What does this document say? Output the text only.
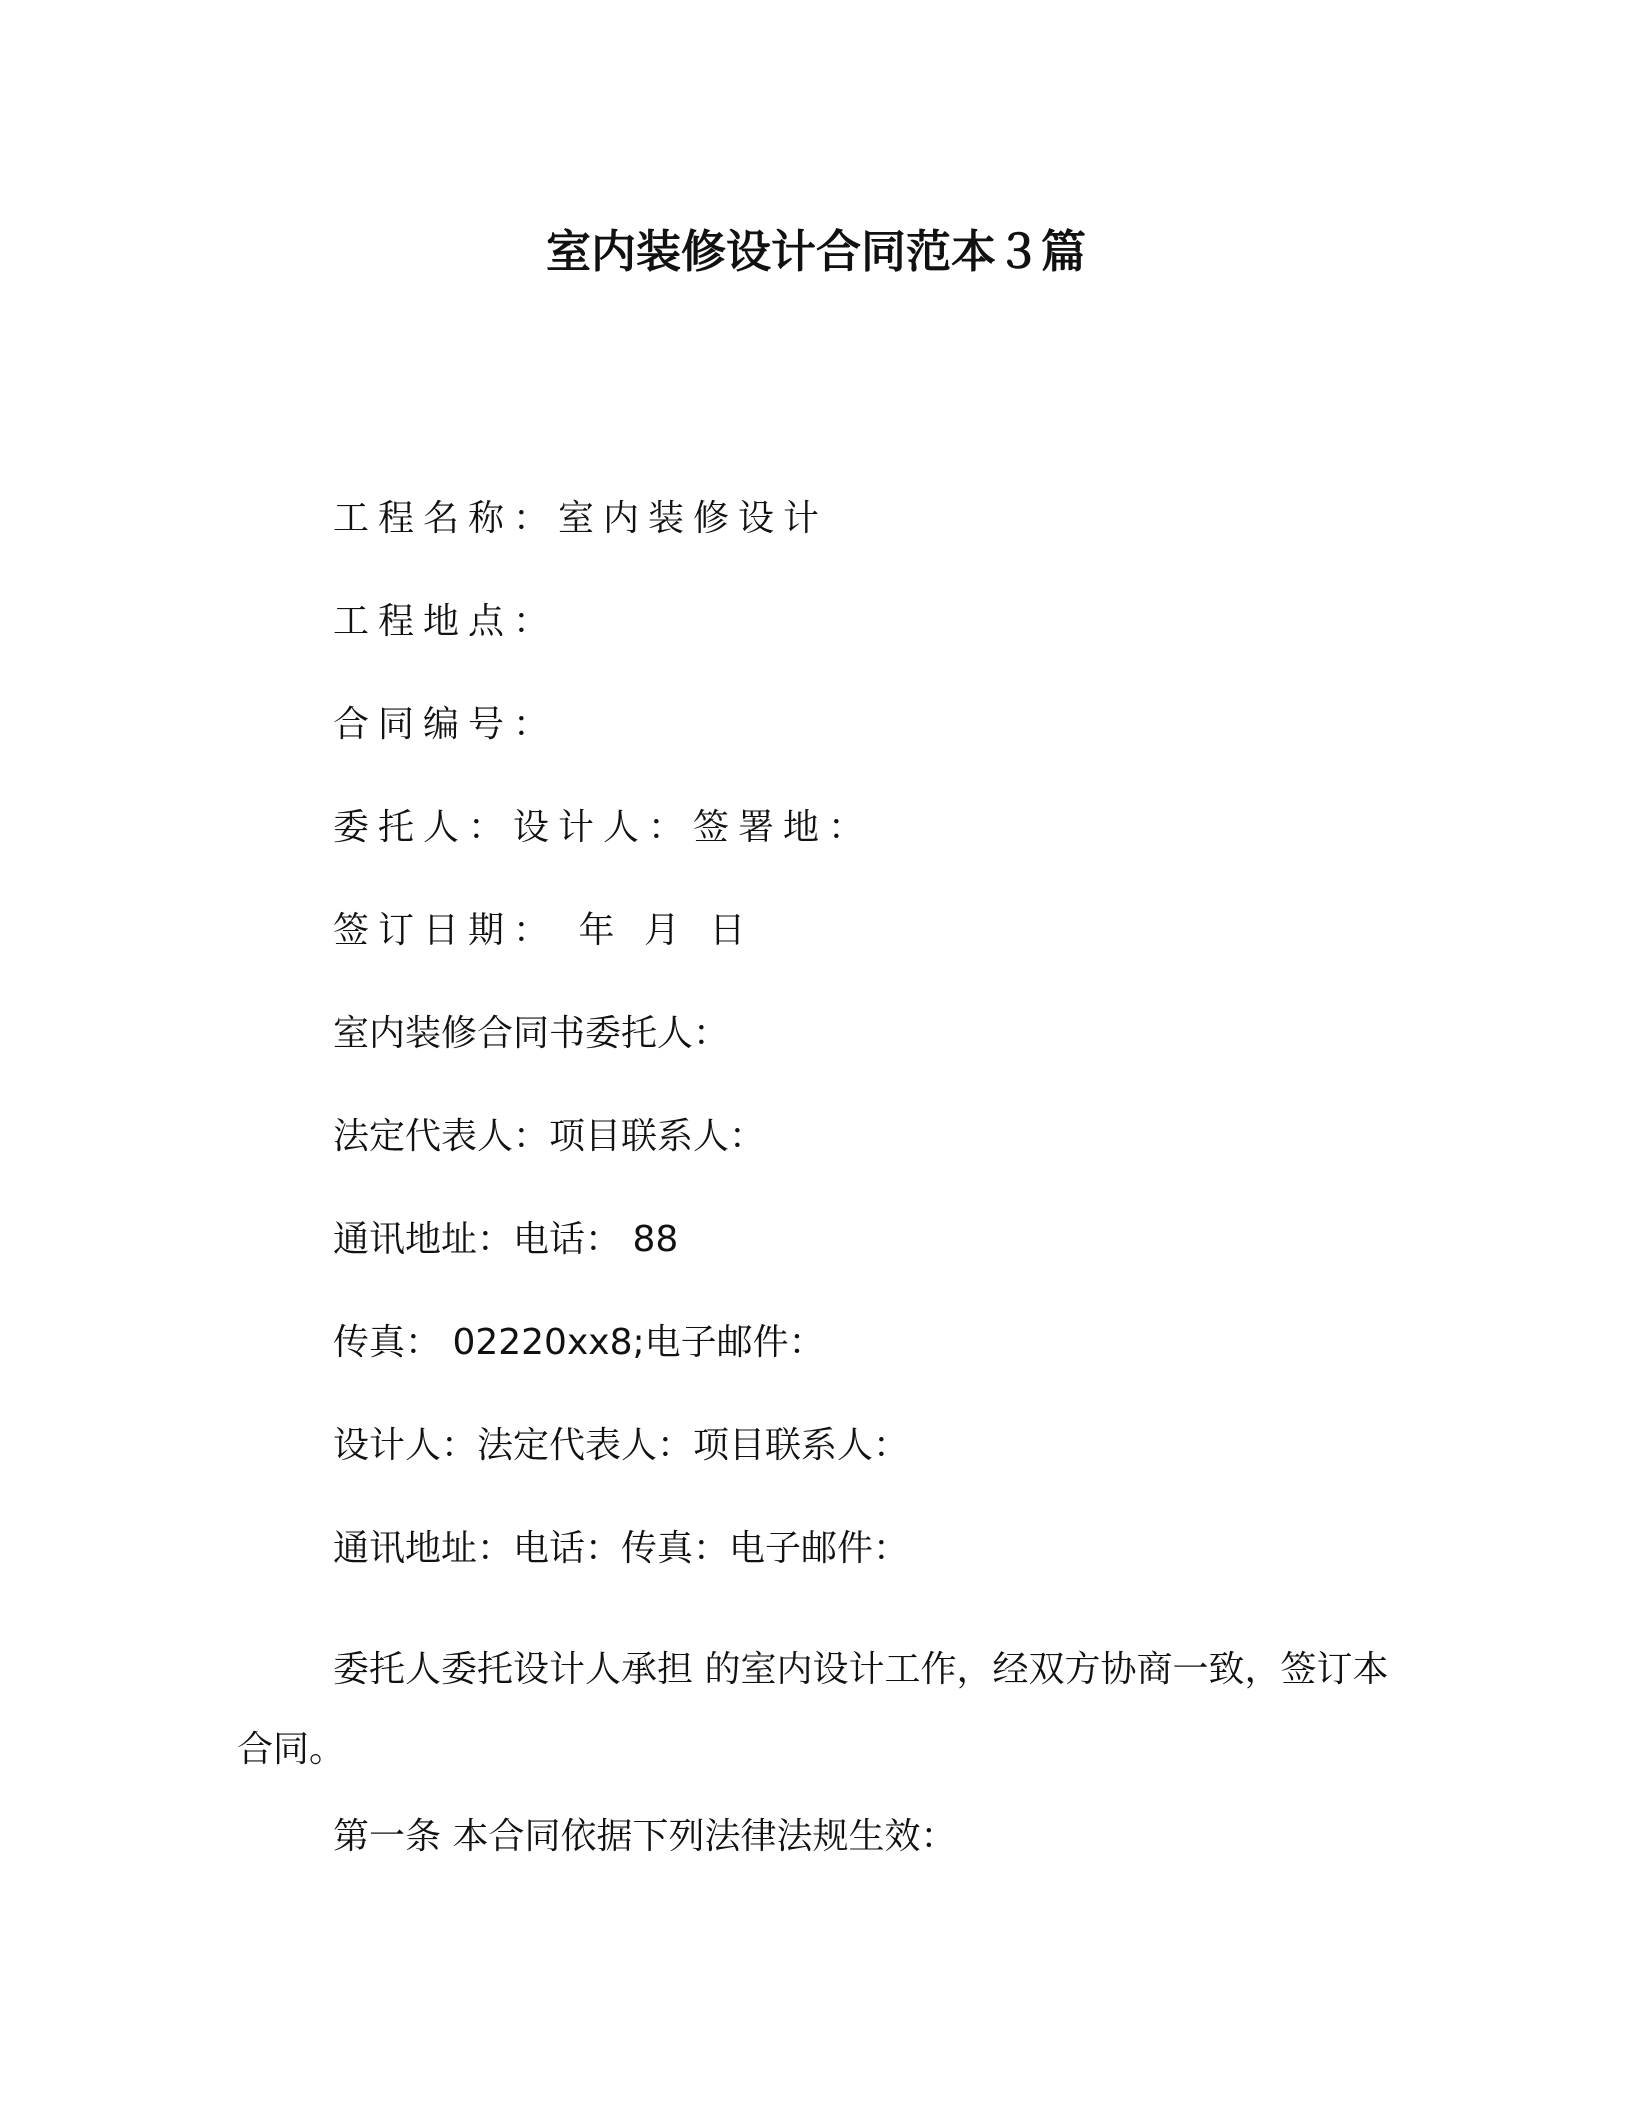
室内装修设计合同范本３篇
工程名称：室内装修设计
工程地点：
合同编号：
委托人：设计人：签署地：
签订日期： 年 月 日
室内装修合同书委托人：
法定代表人：项目联系人：
通讯地址：电话： 88
传真： 02220xx8;电子邮件：
设计人：法定代表人：项目联系人：
通讯地址：电话：传真：电子邮件：

委托人委托设计人承担 的室内设计工作，经双方协商一致，签订本合同。

第一条 本合同依据下列法律法规生效：
